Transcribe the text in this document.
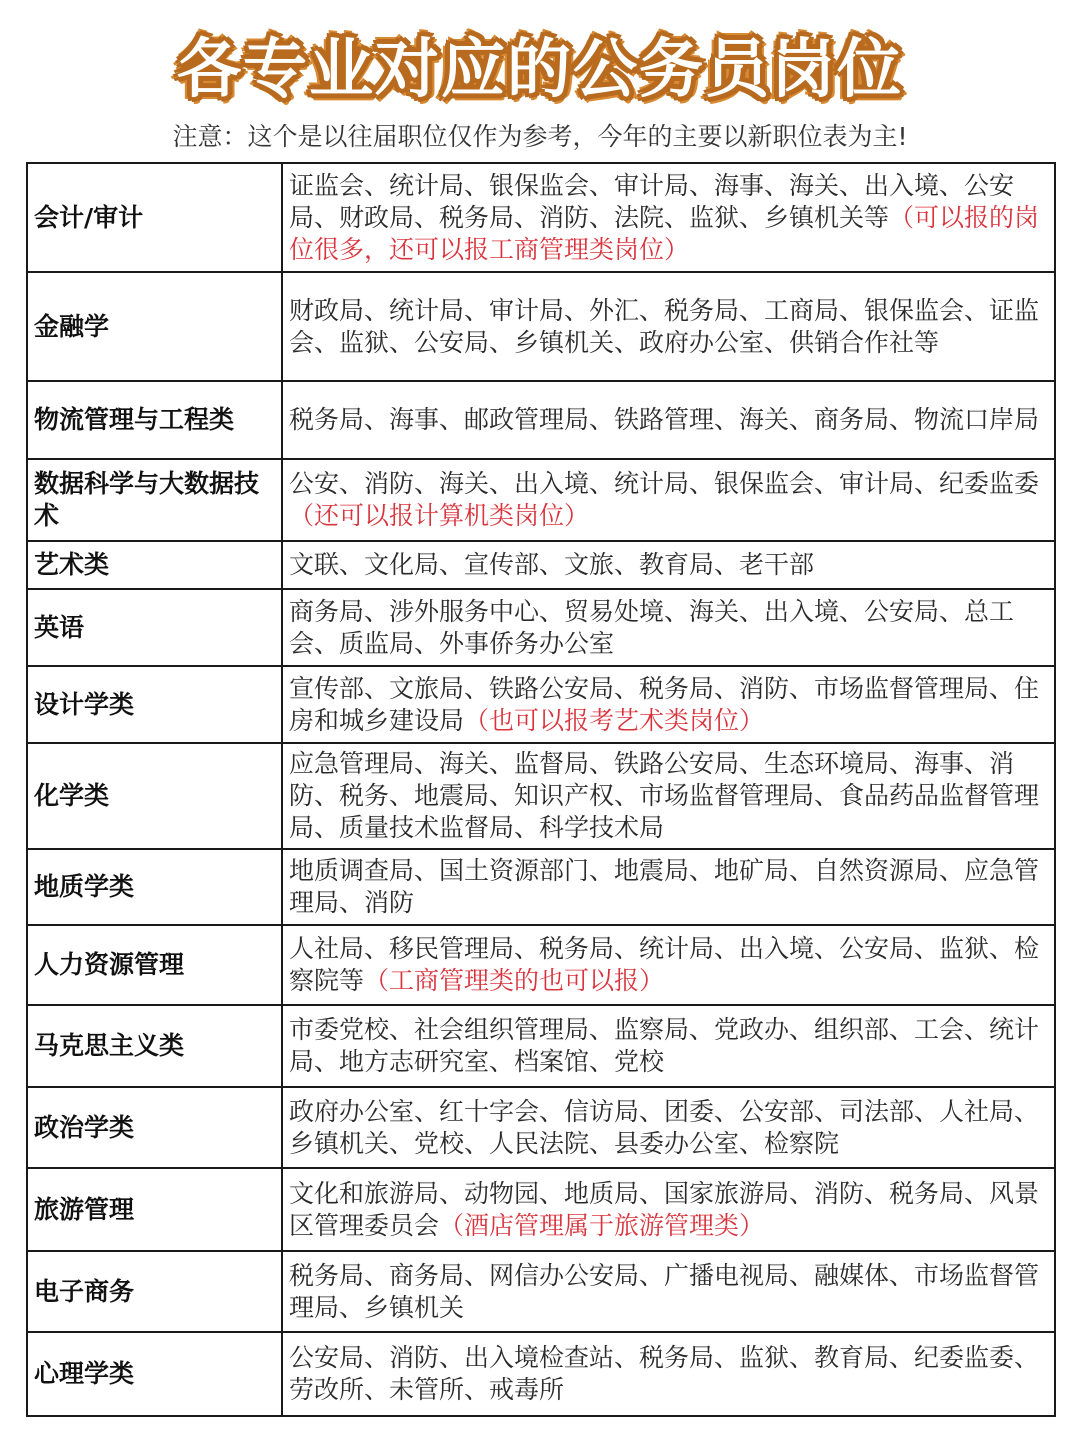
各专业对应的公务员岗位
注意：这个是以往届职位仅作为参考，今年的主要以新职位表为主!
会计/审计	证监会、统计局、银保监会、审计局、海事、海关、出入境、公安局、财政局、税务局、消防、法院、监狱、乡镇机关等（可以报的岗位很多，还可以报工商管理类岗位）
金融学	财政局、统计局、审计局、外汇、税务局、工商局、银保监会、证监会、监狱、公安局、乡镇机关、政府办公室、供销合作社等
物流管理与工程类	税务局、海事、邮政管理局、铁路管理、海关、商务局、物流口岸局
数据科学与大数据技术	公安、消防、海关、出入境、统计局、银保监会、审计局、纪委监委（还可以报计算机类岗位）
艺术类	文联、文化局、宣传部、文旅、教育局、老干部
英语	商务局、涉外服务中心、贸易处境、海关、出入境、公安局、总工会、质监局、外事侨务办公室
设计学类	宣传部、文旅局、铁路公安局、税务局、消防、市场监督管理局、住房和城乡建设局（也可以报考艺术类岗位）
化学类	应急管理局、海关、监督局、铁路公安局、生态环境局、海事、消防、税务、地震局、知识产权、市场监督管理局、食品药品监督管理局、质量技术监督局、科学技术局
地质学类	地质调查局、国土资源部门、地震局、地矿局、自然资源局、应急管理局、消防
人力资源管理	人社局、移民管理局、税务局、统计局、出入境、公安局、监狱、检察院等（工商管理类的也可以报）
马克思主义类	市委党校、社会组织管理局、监察局、党政办、组织部、工会、统计局、地方志研究室、档案馆、党校
政治学类	政府办公室、红十字会、信访局、团委、公安部、司法部、人社局、乡镇机关、党校、人民法院、县委办公室、检察院
旅游管理	文化和旅游局、动物园、地质局、国家旅游局、消防、税务局、风景区管理委员会（酒店管理属于旅游管理类）
电子商务	税务局、商务局、网信办公安局、广播电视局、融媒体、市场监督管理局、乡镇机关
心理学类	公安局、消防、出入境检查站、税务局、监狱、教育局、纪委监委、劳改所、未管所、戒毒所
